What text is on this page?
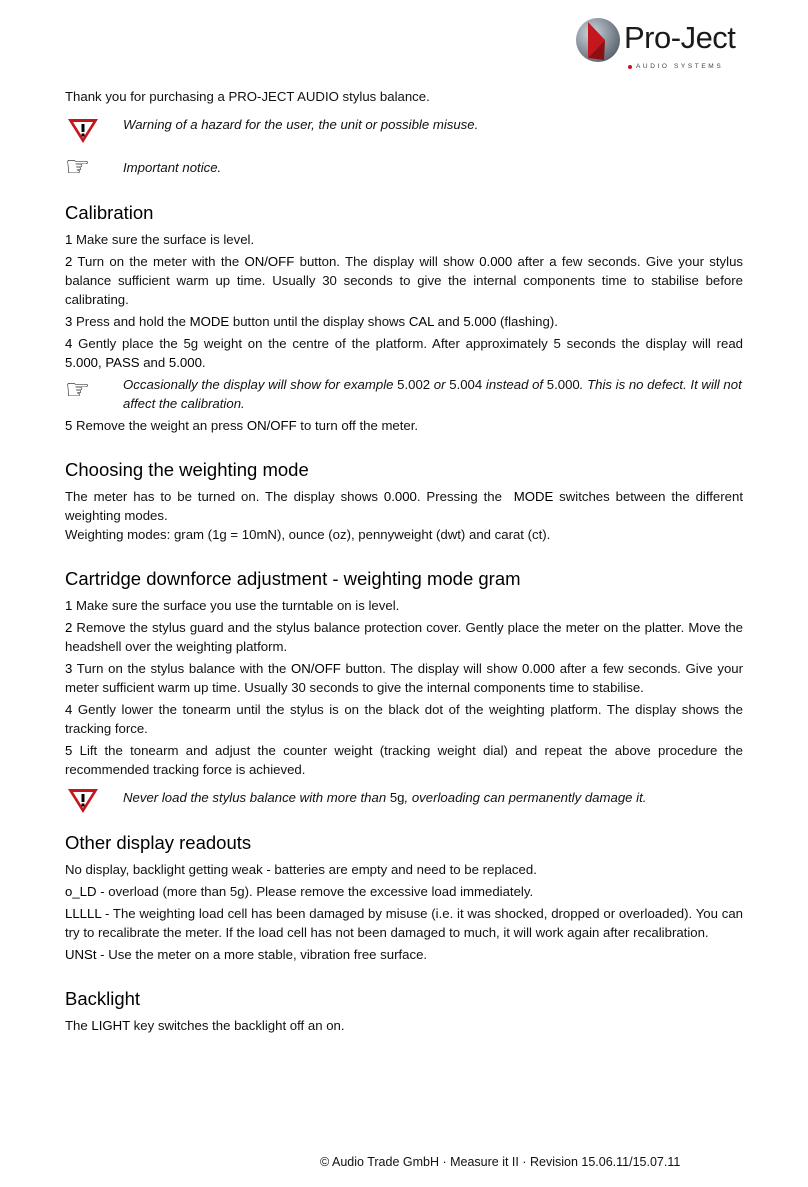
Pro-Ject
AUDIO SYSTEMS

Thank you for purchasing a PRO-JECT AUDIO stylus balance.

Warning of a hazard for the user, the unit or possible misuse.
☞	Important notice.
Calibration

1 Make sure the surface is level.

2 Turn on the meter with the ON/OFF button. The display will show 0.000 after a few seconds. Give your stylus balance sufficient warm up time. Usually 30 seconds to give the internal components time to stabilise before calibrating.

3 Press and hold the MODE button until the display shows CAL and 5.000 (flashing).

4 Gently place the 5g weight on the centre of the platform. After approximately 5 seconds the display will read 5.000, PASS and 5.000.

☞	Occasionally the display will show for example 5.002 or 5.004 instead of 5.000. This is no defect. It will not affect the calibration.

5 Remove the weight an press ON/OFF to turn off the meter.

Choosing the weighting mode

The meter has to be turned on. The display shows 0.000. Pressing the  MODE switches between the different weighting modes.

Weighting modes: gram (1g = 10mN), ounce (oz), pennyweight (dwt) and carat (ct).

Cartridge downforce adjustment - weighting mode gram

1 Make sure the surface you use the turntable on is level.

2 Remove the stylus guard and the stylus balance protection cover. Gently place the meter on the platter. Move the headshell over the weighting platform.

3 Turn on the stylus balance with the ON/OFF button. The display will show 0.000 after a few seconds. Give your meter sufficient warm up time. Usually 30 seconds to give the internal components time to stabilise.

4 Gently lower the tonearm until the stylus is on the black dot of the weighting platform. The display shows the tracking force.

5 Lift the tonearm and adjust the counter weight (tracking weight dial) and repeat the above procedure the recommended tracking force is achieved.

Never load the stylus balance with more than 5g, overloading can permanently damage it.
Other display readouts

No display, backlight getting weak - batteries are empty and need to be replaced.

o_LD - overload (more than 5g). Please remove the excessive load immediately.

LLLLL - The weighting load cell has been damaged by misuse (i.e. it was shocked, dropped or overloaded). You can try to recalibrate the meter. If the load cell has not been damaged to much, it will work again after recalibration.

UNSt - Use the meter on a more stable, vibration free surface.

Backlight

The LIGHT key switches the backlight off an on.

© Audio Trade GmbH · Measure it II · Revision 15.06.11/15.07.11
